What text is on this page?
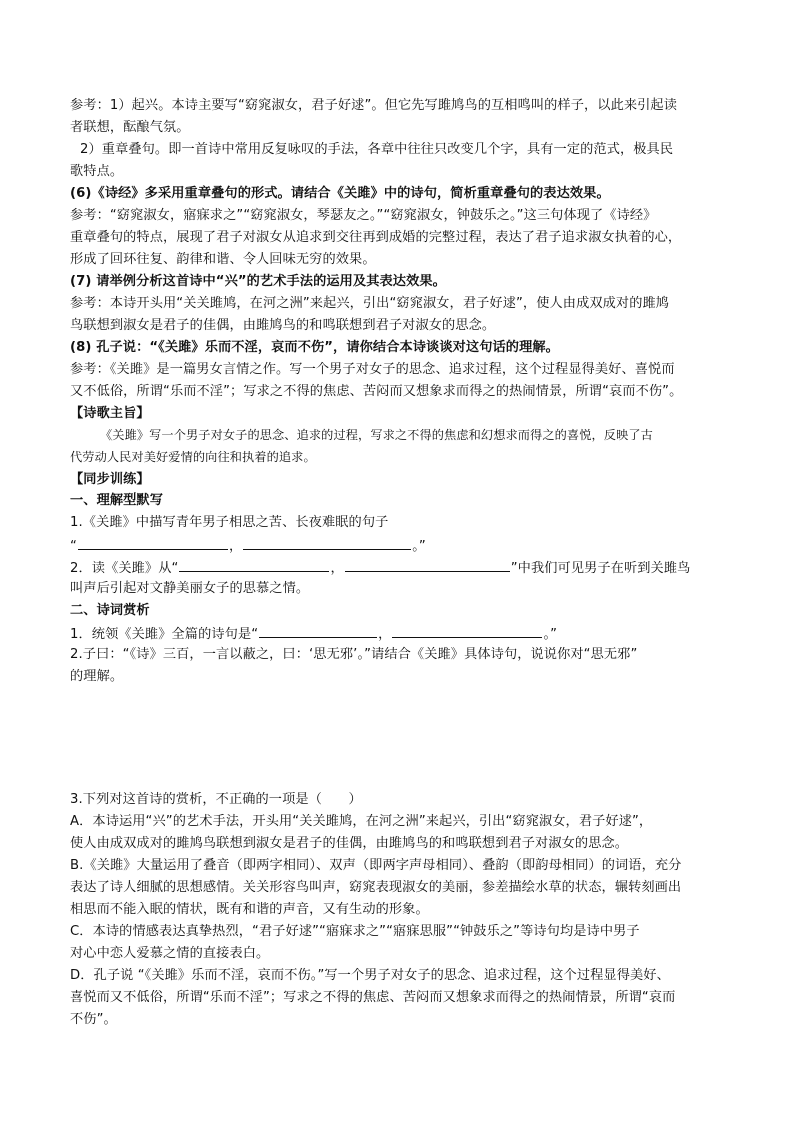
参考：1）起兴。本诗主要写“窈窕淑女，君子好逑”。但它先写雎鸠鸟的互相鸣叫的样子，以此来引起读
者联想，酝酿气氛。
2）重章叠句。即一首诗中常用反复咏叹的手法，各章中往往只改变几个字，具有一定的范式，极具民
歌特点。
(6)《诗经》多采用重章叠句的形式。请结合《关雎》中的诗句，简析重章叠句的表达效果。
参考：“窈窕淑女，寤寐求之”“窈窕淑女，琴瑟友之。”“窈窕淑女，钟鼓乐之。”这三句体现了《诗经》
重章叠句的特点，展现了君子对淑女从追求到交往再到成婚的完整过程，表达了君子追求淑女执着的心，
形成了回环往复、韵律和谐、令人回味无穷的效果。
(7) 请举例分析这首诗中“兴”的艺术手法的运用及其表达效果。
参考：本诗开头用“关关雎鸠，在河之洲”来起兴，引出“窈窕淑女，君子好逑”，使人由成双成对的雎鸠
鸟联想到淑女是君子的佳偶，由雎鸠鸟的和鸣联想到君子对淑女的思念。
(8) 孔子说：“《关雎》乐而不淫，哀而不伤”，请你结合本诗谈谈对这句话的理解。
参考：《关雎》是一篇男女言情之作。写一个男子对女子的思念、追求过程，这个过程显得美好、喜悦而
又不低俗，所谓“乐而不淫”；写求之不得的焦虑、苦闷而又想象求而得之的热闹情景，所谓“哀而不伤”。
【诗歌主旨】
《关雎》写一个男子对女子的思念、追求的过程，写求之不得的焦虑和幻想求而得之的喜悦，反映了古
代劳动人民对美好爱情的向往和执着的追求。
【同步训练】
一、理解型默写
1.《关雎》中描写青年男子相思之苦、长夜难眠的句子
“	，	。”
2．读《关雎》从“	，	”中我们可见男子在听到关雎鸟
叫声后引起对文静美丽女子的思慕之情。
二、诗词赏析
1．统领《关雎》全篇的诗句是“	，	。”
2.子曰：“《诗》三百，一言以蔽之，曰：‘思无邪’。”请结合《关雎》具体诗句，说说你对“思无邪”
的理解。
3.下列对这首诗的赏析，不正确的一项是（　　）
A．本诗运用“兴”的艺术手法，开头用“关关雎鸠，在河之洲”来起兴，引出“窈窕淑女，君子好逑”，
使人由成双成对的雎鸠鸟联想到淑女是君子的佳偶，由雎鸠鸟的和鸣联想到君子对淑女的思念。
B.《关雎》大量运用了叠音（即两字相同）、双声（即两字声母相同）、叠韵（即韵母相同）的词语，充分
表达了诗人细腻的思想感情。关关形容鸟叫声，窈窕表现淑女的美丽，参差描绘水草的状态，辗转刻画出
相思而不能入眠的情状，既有和谐的声音，又有生动的形象。
C．本诗的情感表达真挚热烈，“君子好逑”“寤寐求之”“寤寐思服”“钟鼓乐之”等诗句均是诗中男子
对心中恋人爱慕之情的直接表白。
D．孔子说 “《关雎》乐而不淫，哀而不伤。”写一个男子对女子的思念、追求过程，这个过程显得美好、
喜悦而又不低俗，所谓“乐而不淫”；写求之不得的焦虑、苦闷而又想象求而得之的热闹情景，所谓“哀而
不伤”。
